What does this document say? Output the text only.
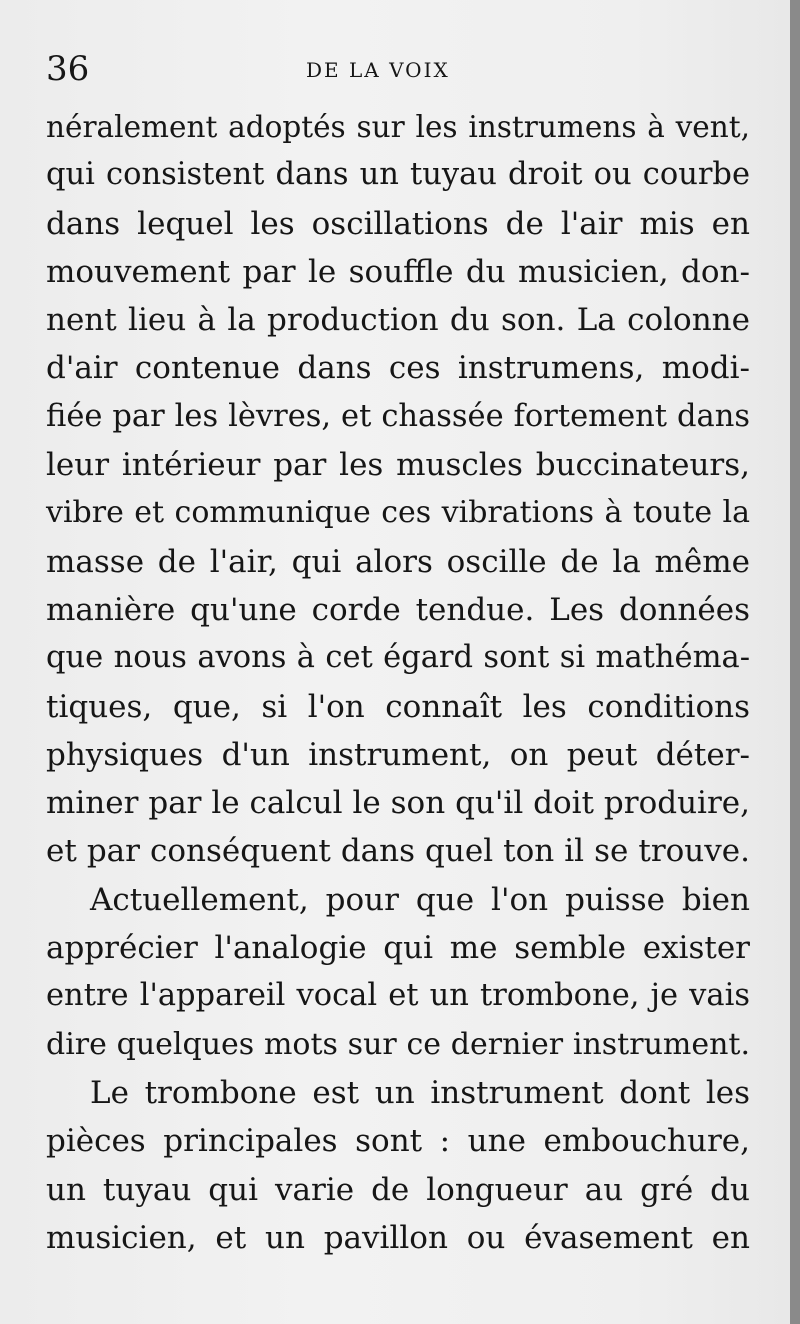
36	DE LA VOIX
néralement adoptés sur les instrumens à vent,
qui consistent dans un tuyau droit ou courbe
dans lequel les oscillations de l'air mis en
mouvement par le souffle du musicien, don-
nent lieu à la production du son. La colonne
d'air contenue dans ces instrumens, modi-
fiée par les lèvres, et chassée fortement dans
leur intérieur par les muscles buccinateurs,
vibre et communique ces vibrations à toute la
masse de l'air, qui alors oscille de la même
manière qu'une corde tendue. Les données
que nous avons à cet égard sont si mathéma-
tiques, que, si l'on connaît les conditions
physiques d'un instrument, on peut déter-
miner par le calcul le son qu'il doit produire,
et par conséquent dans quel ton il se trouve.
Actuellement, pour que l'on puisse bien
apprécier l'analogie qui me semble exister
entre l'appareil vocal et un trombone, je vais
dire quelques mots sur ce dernier instrument.
Le trombone est un instrument dont les
pièces principales sont : une embouchure,
un tuyau qui varie de longueur au gré du
musicien, et un pavillon ou évasement en
